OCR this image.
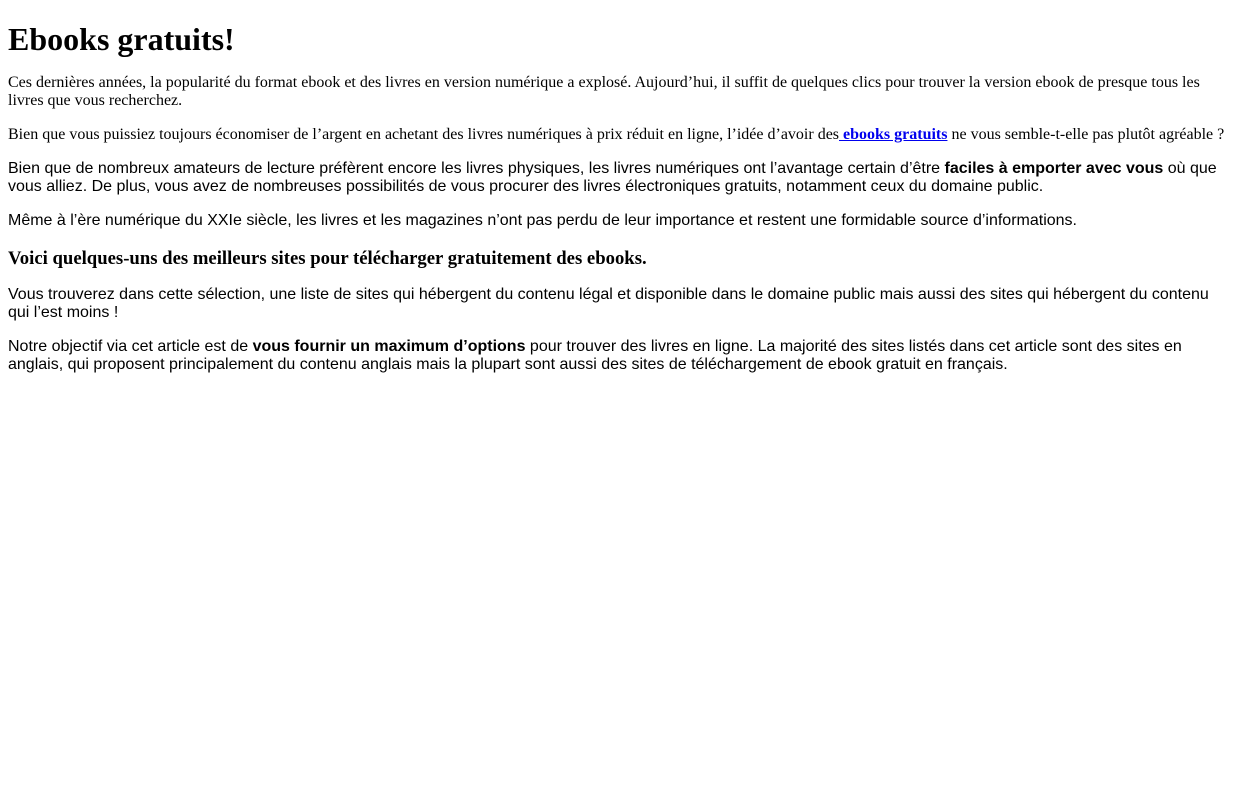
Ebooks gratuits!

Ces dernières années, la popularité du format ebook et des livres en version numérique a explosé. Aujourd’hui, il suffit de quelques clics pour trouver la version ebook de presque tous les livres que vous recherchez.

Bien que vous puissiez toujours économiser de l’argent en achetant des livres numériques à prix réduit en ligne, l’idée d’avoir des ebooks gratuits ne vous semble-t-elle pas plutôt agréable ?

Bien que de nombreux amateurs de lecture préfèrent encore les livres physiques, les livres numériques ont l’avantage certain d’être faciles à emporter avec vous où que vous alliez. De plus, vous avez de nombreuses possibilités de vous procurer des livres électroniques gratuits, notamment ceux du domaine public.

Même à l’ère numérique du XXIe siècle, les livres et les magazines n’ont pas perdu de leur importance et restent une formidable source d’informations.

Voici quelques-uns des meilleurs sites pour télécharger gratuitement des ebooks.

Vous trouverez dans cette sélection, une liste de sites qui hébergent du contenu légal et disponible dans le domaine public mais aussi des sites qui hébergent du contenu qui l’est moins !

Notre objectif via cet article est de vous fournir un maximum d’options pour trouver des livres en ligne. La majorité des sites listés dans cet article sont des sites en anglais, qui proposent principalement du contenu anglais mais la plupart sont aussi des sites de téléchargement de ebook gratuit en français.
